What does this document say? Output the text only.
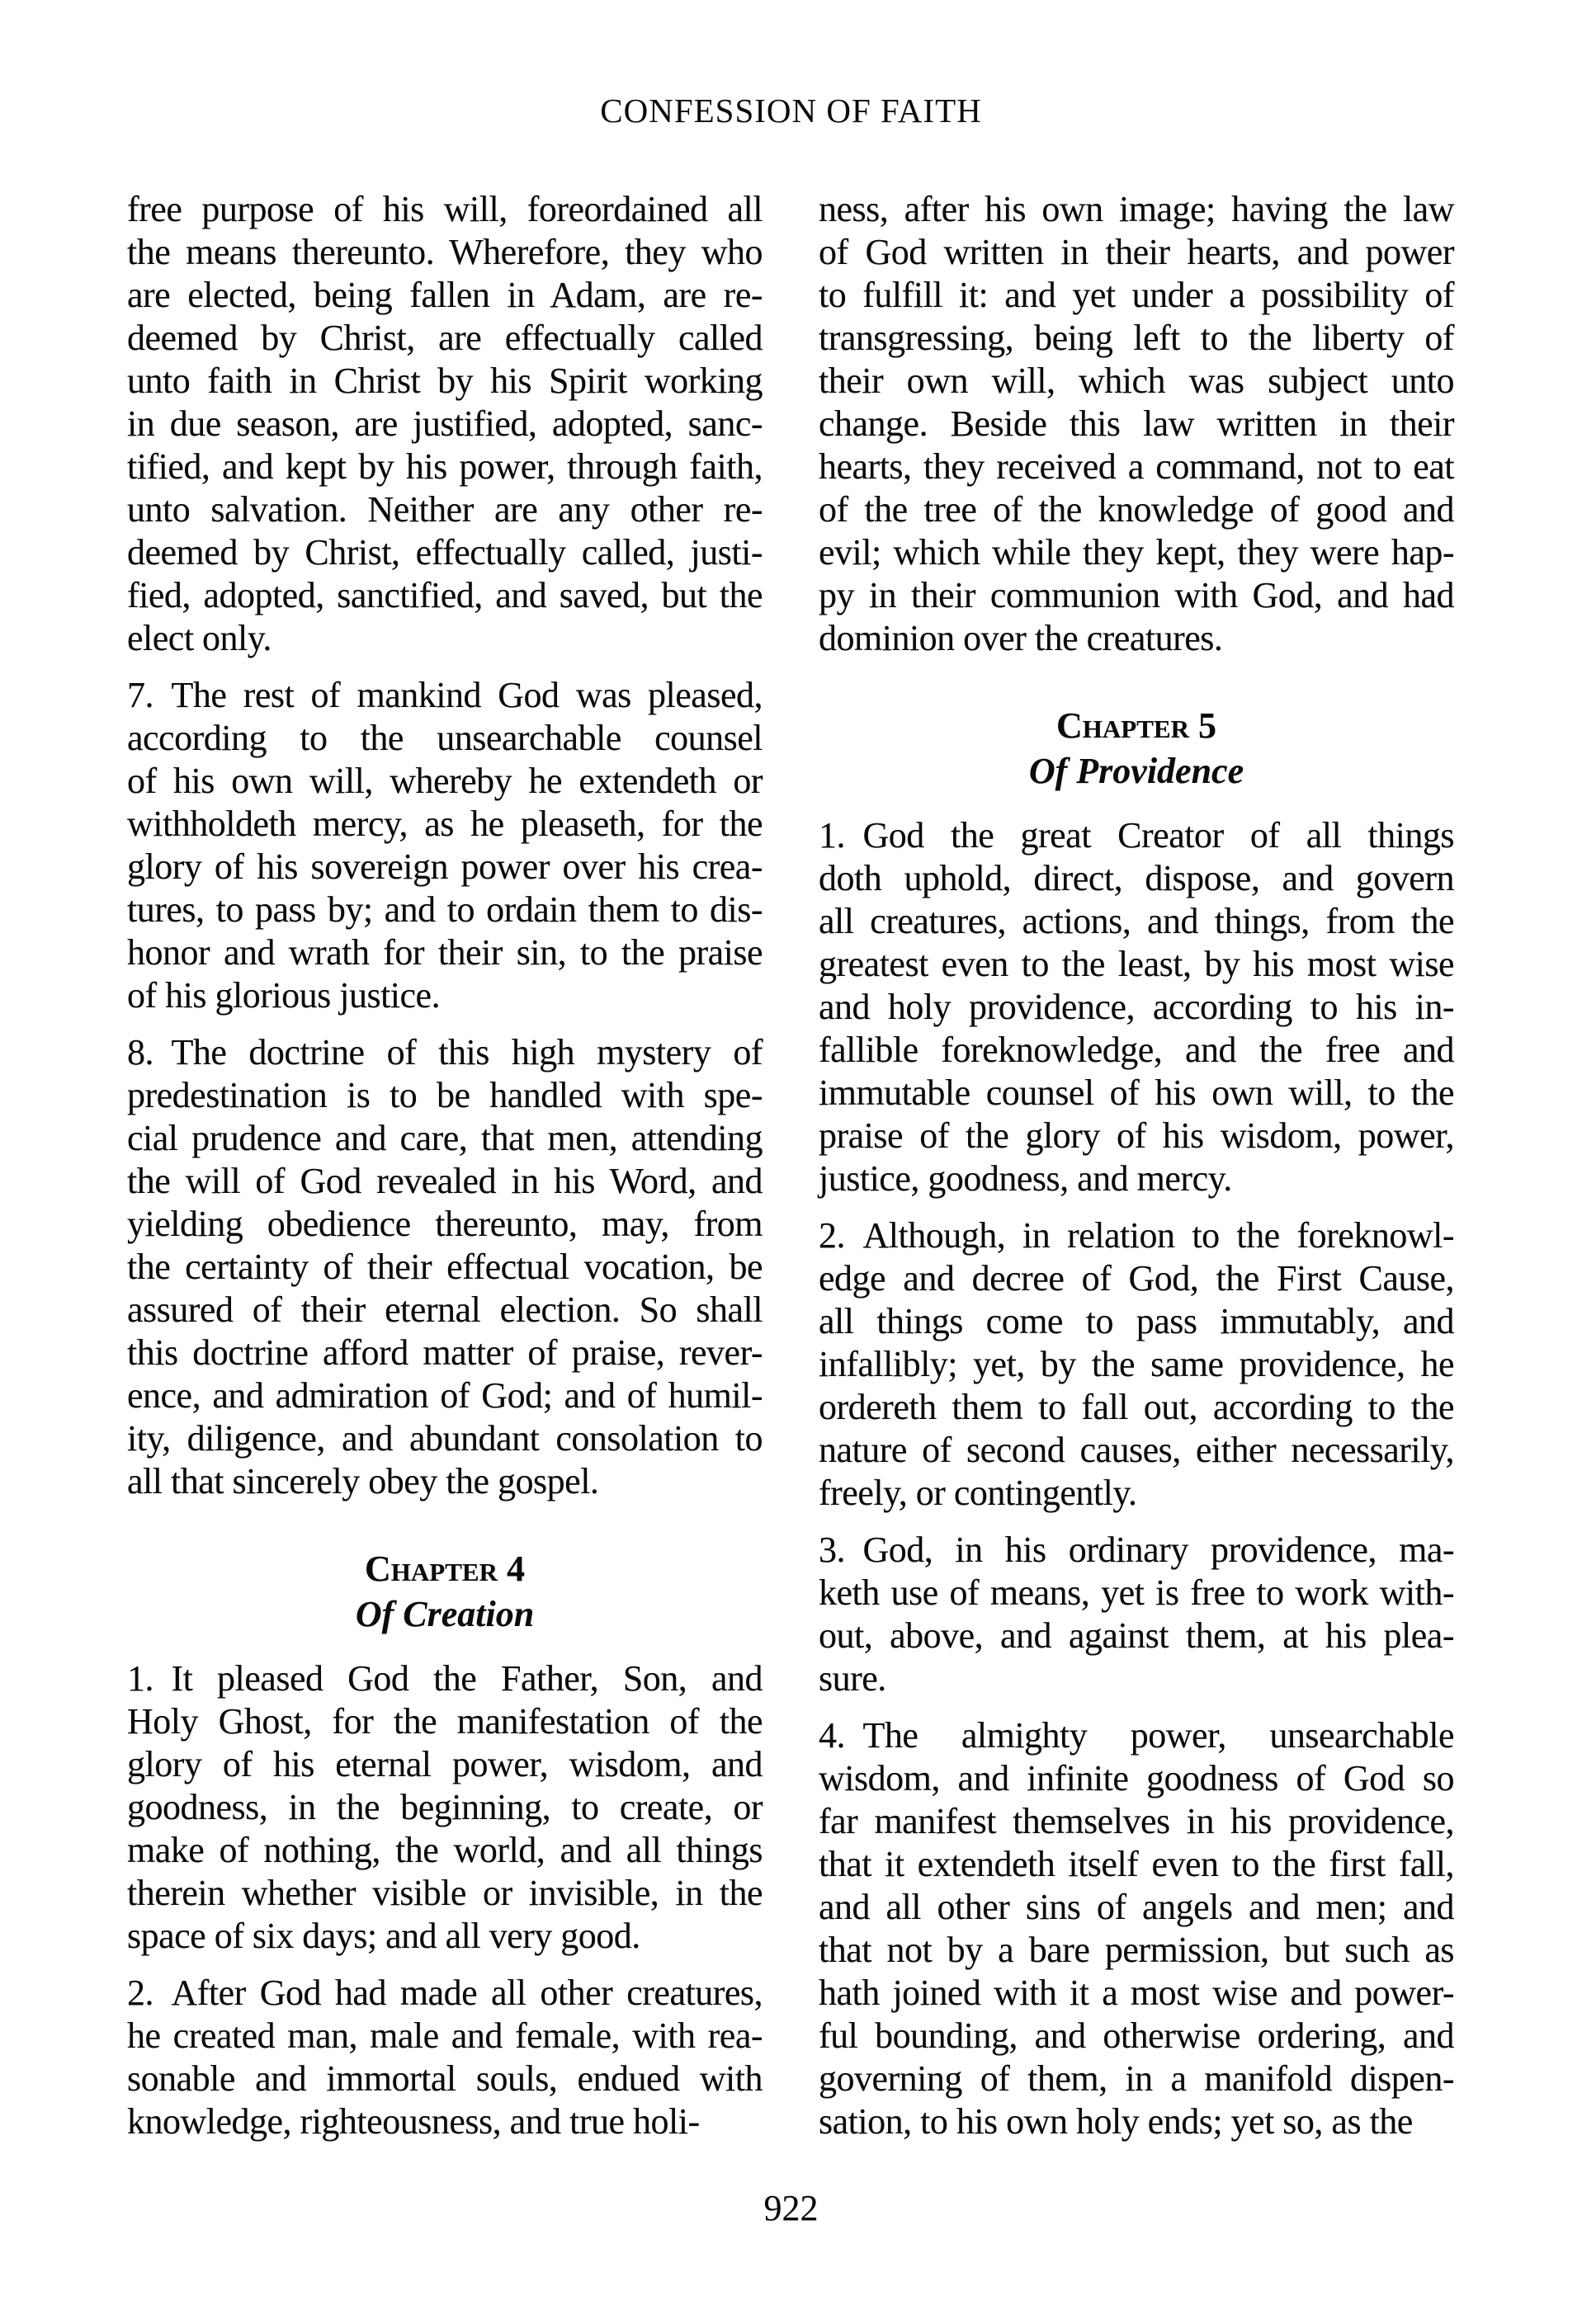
CONFESSION OF FAITH
free purpose of his will, foreordained all
the means thereunto. Wherefore, they who
are elected, being fallen in Adam, are re-
deemed by Christ, are effectually called
unto faith in Christ by his Spirit working
in due season, are justified, adopted, sanc-
tified, and kept by his power, through faith,
unto salvation. Neither are any other re-
deemed by Christ, effectually called, justi-
fied, adopted, sanctified, and saved, but the
elect only.
7. The rest of mankind God was pleased,
according to the unsearchable counsel
of his own will, whereby he extendeth or
withholdeth mercy, as he pleaseth, for the
glory of his sovereign power over his crea-
tures, to pass by; and to ordain them to dis-
honor and wrath for their sin, to the praise
of his glorious justice.
8. The doctrine of this high mystery of
predestination is to be handled with spe-
cial prudence and care, that men, attending
the will of God revealed in his Word, and
yielding obedience thereunto, may, from
the certainty of their effectual vocation, be
assured of their eternal election. So shall
this doctrine afford matter of praise, rever-
ence, and admiration of God; and of humil-
ity, diligence, and abundant consolation to
all that sincerely obey the gospel.
Chapter 4
Of Creation
1. It pleased God the Father, Son, and
Holy Ghost, for the manifestation of the
glory of his eternal power, wisdom, and
goodness, in the beginning, to create, or
make of nothing, the world, and all things
therein whether visible or invisible, in the
space of six days; and all very good.
2. After God had made all other creatures,
he created man, male and female, with rea-
sonable and immortal souls, endued with
knowledge, righteousness, and true holi-
ness, after his own image; having the law
of God written in their hearts, and power
to fulfill it: and yet under a possibility of
transgressing, being left to the liberty of
their own will, which was subject unto
change. Beside this law written in their
hearts, they received a command, not to eat
of the tree of the knowledge of good and
evil; which while they kept, they were hap-
py in their communion with God, and had
dominion over the creatures.
Chapter 5
Of Providence
1. God the great Creator of all things
doth uphold, direct, dispose, and govern
all creatures, actions, and things, from the
greatest even to the least, by his most wise
and holy providence, according to his in-
fallible foreknowledge, and the free and
immutable counsel of his own will, to the
praise of the glory of his wisdom, power,
justice, goodness, and mercy.
2. Although, in relation to the foreknowl-
edge and decree of God, the First Cause,
all things come to pass immutably, and
infallibly; yet, by the same providence, he
ordereth them to fall out, according to the
nature of second causes, either necessarily,
freely, or contingently.
3. God, in his ordinary providence, ma-
keth use of means, yet is free to work with-
out, above, and against them, at his plea-
sure.
4. The almighty power, unsearchable
wisdom, and infinite goodness of God so
far manifest themselves in his providence,
that it extendeth itself even to the first fall,
and all other sins of angels and men; and
that not by a bare permission, but such as
hath joined with it a most wise and power-
ful bounding, and otherwise ordering, and
governing of them, in a manifold dispen-
sation, to his own holy ends; yet so, as the
922
